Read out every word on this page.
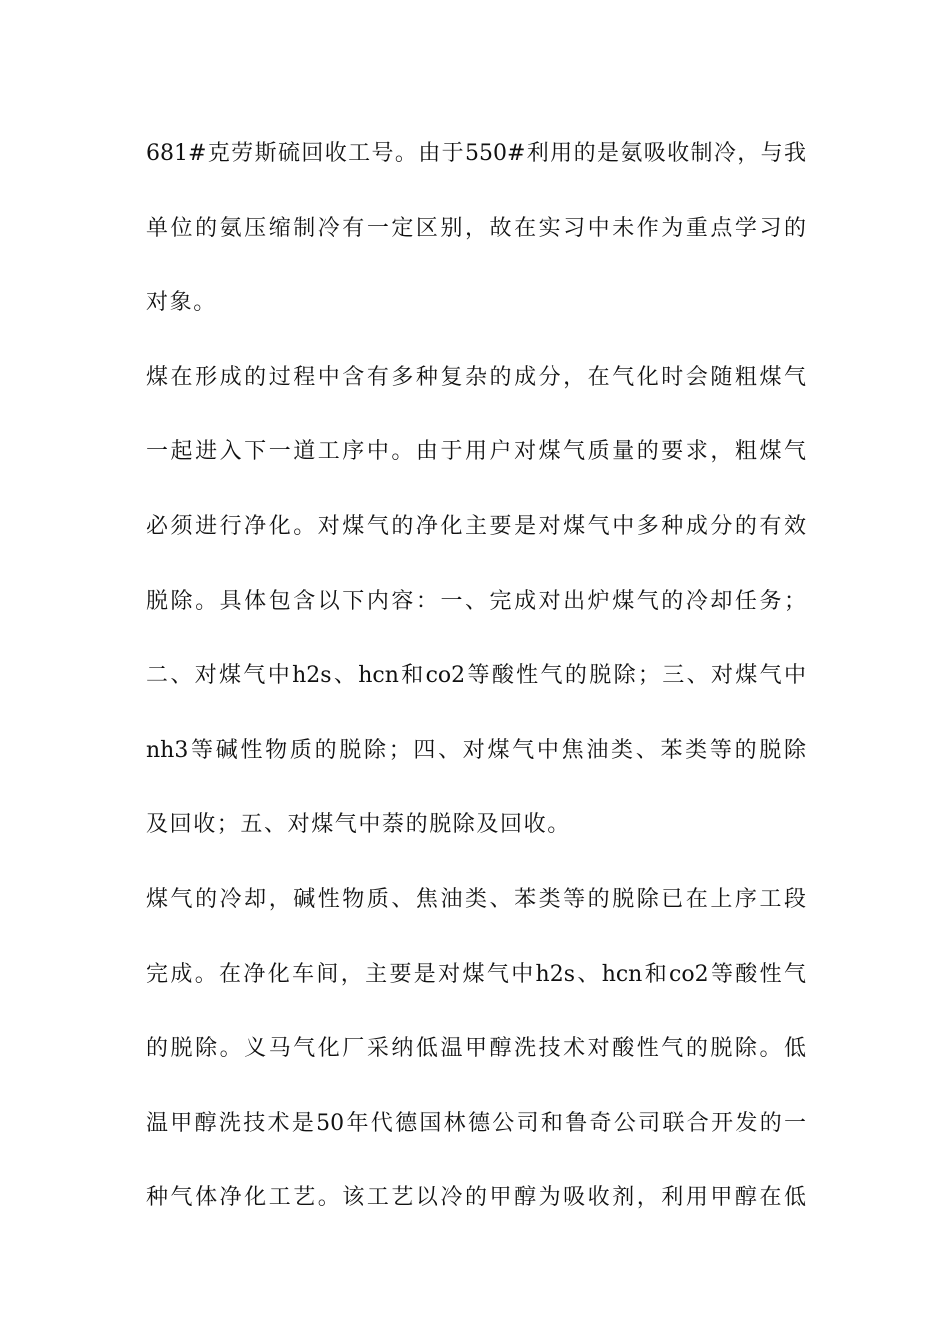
681#克劳斯硫回收工号。由于550#利用的是氨吸收制冷，与我
单位的氨压缩制冷有一定区别，故在实习中未作为重点学习的
对象。
煤在形成的过程中含有多种复杂的成分，在气化时会随粗煤气
一起进入下一道工序中。由于用户对煤气质量的要求，粗煤气
必须进行净化。对煤气的净化主要是对煤气中多种成分的有效
脱除。具体包含以下内容：一、完成对出炉煤气的冷却任务；
二、对煤气中h2s、hcn和co2等酸性气的脱除；三、对煤气中
nh3等碱性物质的脱除；四、对煤气中焦油类、苯类等的脱除
及回收；五、对煤气中萘的脱除及回收。
煤气的冷却，碱性物质、焦油类、苯类等的脱除已在上序工段
完成。在净化车间，主要是对煤气中h2s、hcn和co2等酸性气
的脱除。义马气化厂采纳低温甲醇洗技术对酸性气的脱除。低
温甲醇洗技术是50年代德国林德公司和鲁奇公司联合开发的一
种气体净化工艺。该工艺以冷的甲醇为吸收剂，利用甲醇在低
